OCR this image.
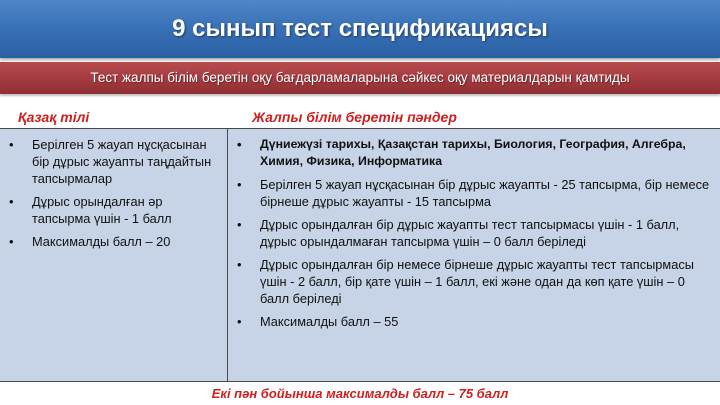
9 сынып тест спецификациясы
Тест жалпы білім беретін оқу бағдарламаларына сәйкес оқу материалдарын қамтиды
Қазақ тілі	Жалпы білім беретін пәндер
•	Берілген 5 жауап нұсқасынан бір дұрыс жауапты таңдайтын тапсырмалар
•	Дұрыс орындалған әр тапсырма үшін - 1 балл
•	Максималды балл – 20
•	Дүниежүзі тарихы, Қазақстан тарихы, Биология, География, Алгебра, Химия, Физика, Информатика
•	Берілген 5 жауап нұсқасынан бір дұрыс жауапты - 25 тапсырма, бір немесе бірнеше дұрыс жауапты - 15 тапсырма
•	Дұрыс орындалған бір дұрыс жауапты тест тапсырмасы үшін - 1 балл, дұрыс орындалмаған тапсырма үшін – 0 балл беріледі
•	Дұрыс орындалған бір немесе бірнеше дұрыс жауапты тест тапсырмасы үшін - 2 балл, бір қате үшін – 1 балл, екі және одан да көп қате үшін – 0 балл беріледі
•	Максималды балл – 55
Екі пән бойынша максималды балл – 75 балл
